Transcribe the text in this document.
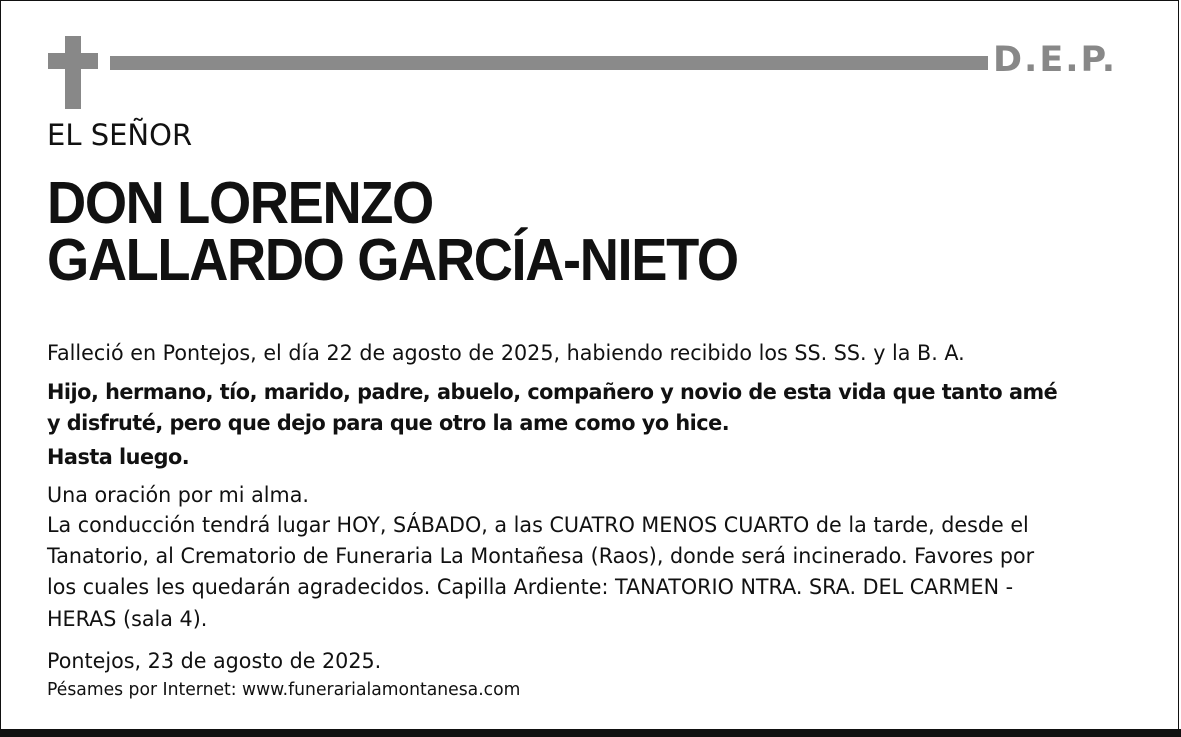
D.E.P.
EL SEÑOR
DON LORENZO
GALLARDO GARCÍA-NIETO
Falleció en Pontejos, el día 22 de agosto de 2025, habiendo recibido los SS. SS. y la B. A.
Hijo, hermano, tío, marido, padre, abuelo, compañero y novio de esta vida que tanto amé
y disfruté, pero que dejo para que otro la ame como yo hice.
Hasta luego.
Una oración por mi alma.
La conducción tendrá lugar HOY, SÁBADO, a las CUATRO MENOS CUARTO de la tarde, desde el
Tanatorio, al Crematorio de Funeraria La Montañesa (Raos), donde será incinerado. Favores por
los cuales les quedarán agradecidos. Capilla Ardiente: TANATORIO NTRA. SRA. DEL CARMEN -
HERAS (sala 4).
Pontejos, 23 de agosto de 2025.
Pésames por Internet: www.funerarialamontanesa.com
